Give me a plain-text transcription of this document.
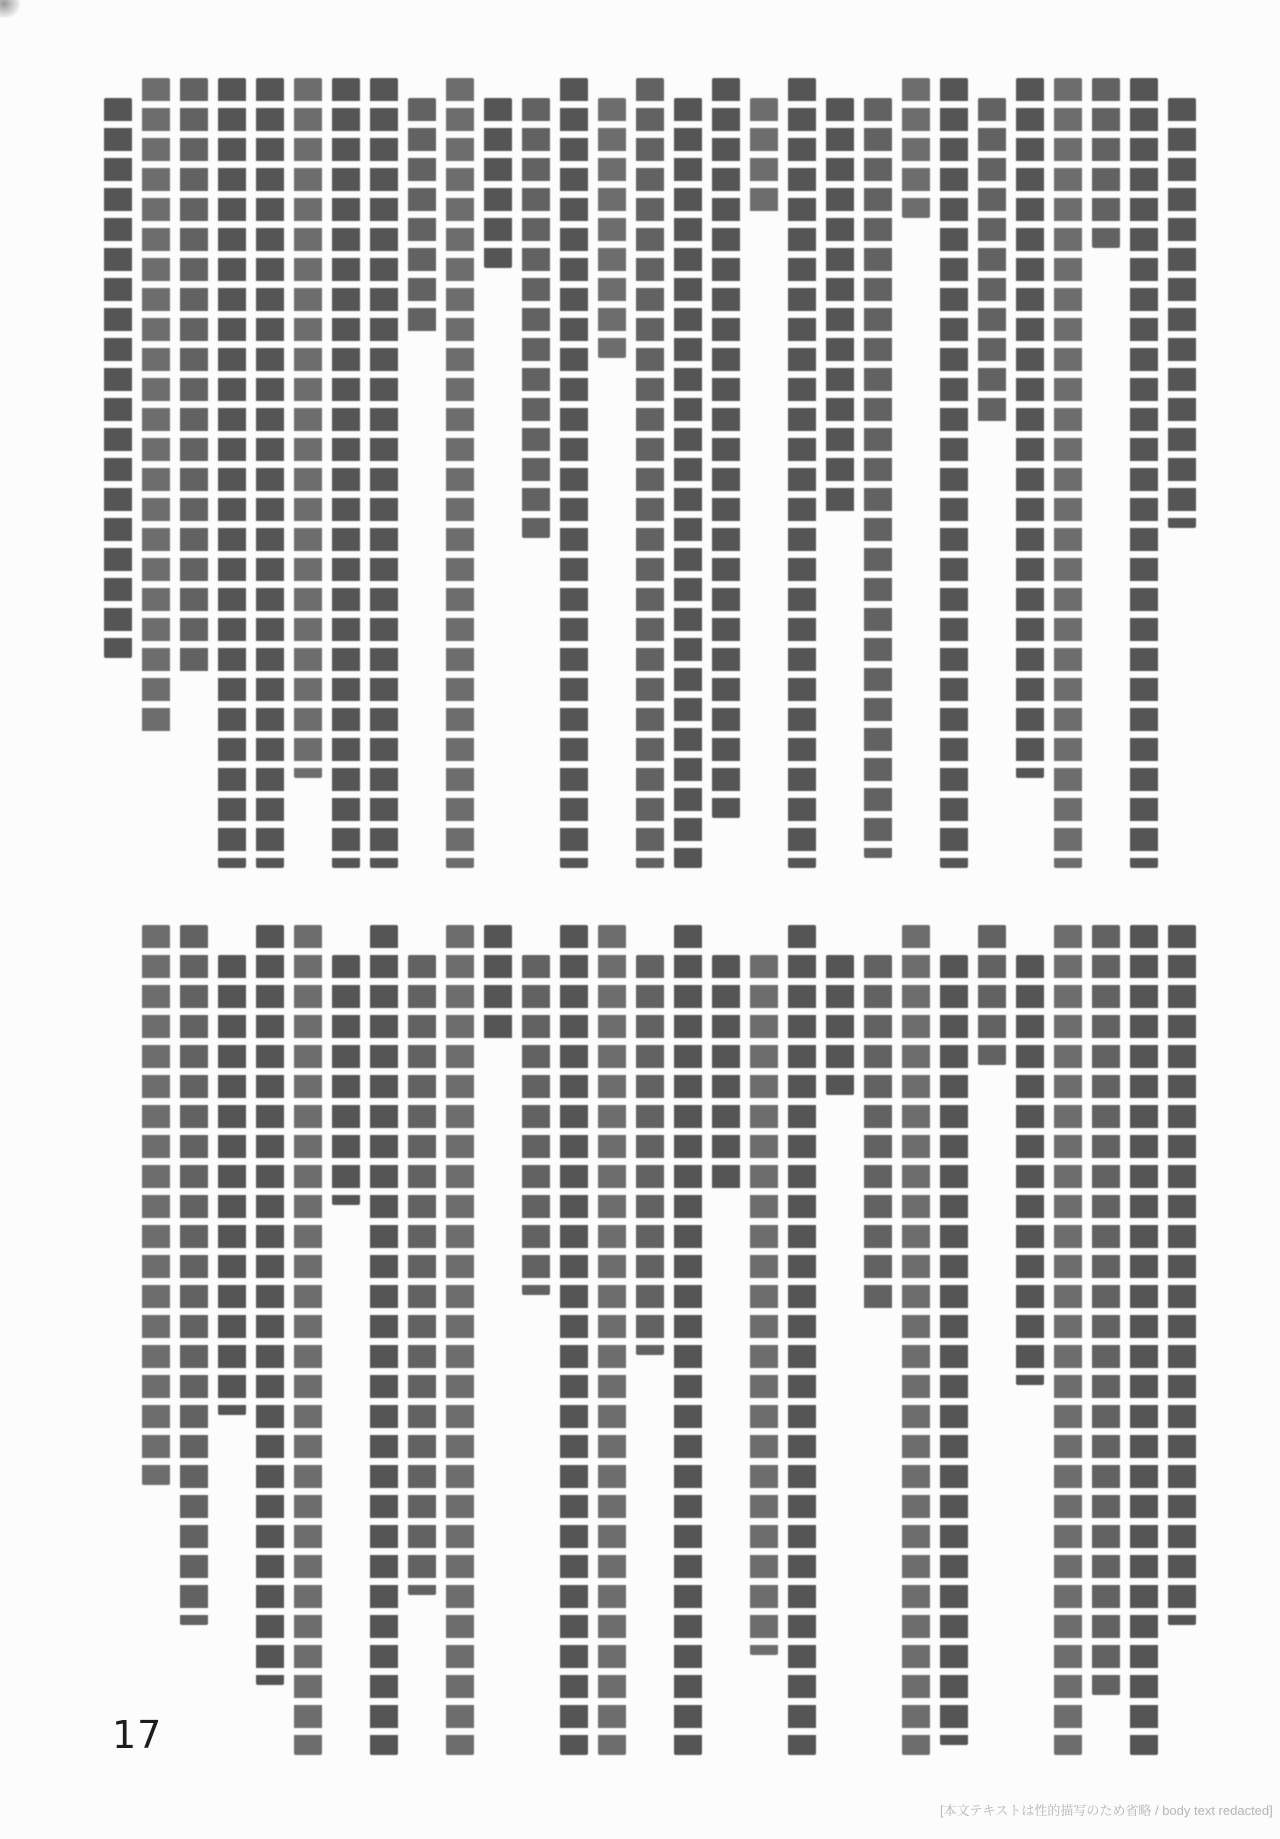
17
[本文テキストは性的描写のため省略 / body text redacted]
